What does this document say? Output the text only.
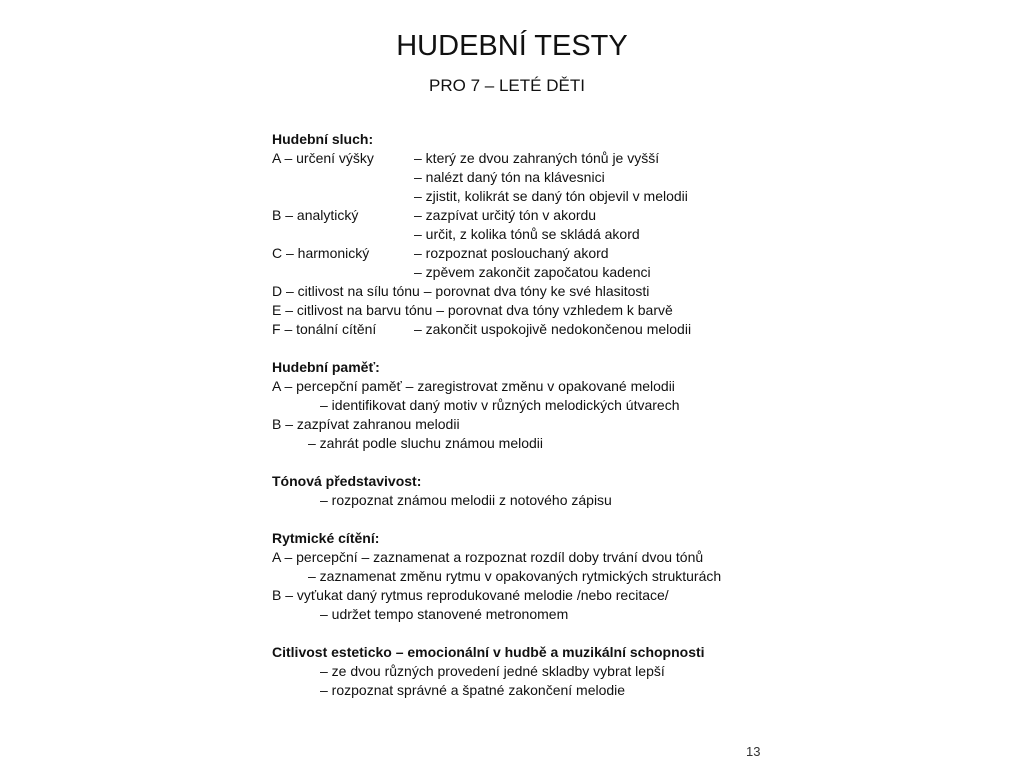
HUDEBNÍ TESTY
PRO 7 – LETÉ DĚTI
Hudební sluch:
A – určení výšky	– který ze dvou zahraných tónů je vyšší
– nalézt daný tón na klávesnici
– zjistit, kolikrát se daný tón objevil v melodii
B – analytický	– zazpívat určitý tón v akordu
– určit, z kolika tónů se skládá akord
C – harmonický	– rozpoznat poslouchaný akord
– zpěvem zakončit započatou kadenci
D – citlivost na sílu tónu – porovnat dva tóny ke své hlasitosti
E – citlivost na barvu tónu – porovnat dva tóny vzhledem k barvě
F – tonální cítění	– zakončit uspokojivě nedokončenou melodii
Hudební paměť:
A – percepční paměť – zaregistrovat změnu v opakované melodii
– identifikovat daný motiv v různých melodických útvarech
B – zazpívat zahranou melodii
– zahrát podle sluchu známou melodii
Tónová představivost:
– rozpoznat známou melodii z notového zápisu
Rytmické cítění:
A – percepční – zaznamenat a rozpoznat rozdíl doby trvání dvou tónů
– zaznamenat změnu rytmu v opakovaných rytmických strukturách
B – vyťukat daný rytmus reprodukované melodie /nebo recitace/
– udržet tempo stanovené metronomem
Citlivost esteticko – emocionální v hudbě a muzikální schopnosti
– ze dvou různých provedení jedné skladby vybrat lepší
– rozpoznat správné a špatné zakončení melodie
13
